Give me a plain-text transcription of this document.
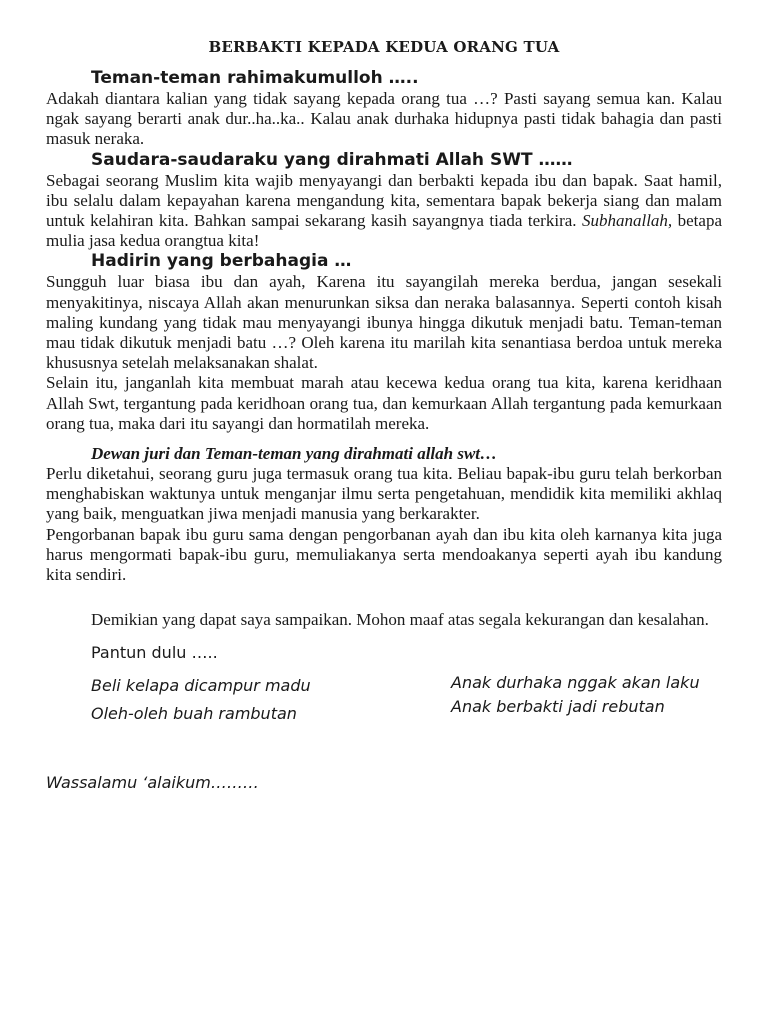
BERBAKTI KEPADA KEDUA ORANG TUA
Teman-teman rahimakumulloh …..

Adakah diantara kalian yang tidak sayang kepada orang tua …? Pasti sayang semua kan. Kalau ngak sayang berarti anak dur..ha..ka.. Kalau anak durhaka hidupnya pasti tidak bahagia dan pasti masuk neraka.

Saudara-saudaraku yang dirahmati Allah SWT ……

Sebagai seorang Muslim kita wajib menyayangi dan berbakti kepada ibu dan bapak. Saat hamil, ibu selalu dalam kepayahan karena mengandung kita, sementara bapak bekerja siang dan malam untuk kelahiran kita. Bahkan sampai sekarang kasih sayangnya tiada terkira. Subhanallah, betapa mulia jasa kedua orangtua kita!

Hadirin yang berbahagia …

Sungguh luar biasa ibu dan ayah, Karena itu sayangilah mereka berdua, jangan sesekali menyakitinya, niscaya Allah akan menurunkan siksa dan neraka balasannya. Seperti contoh kisah maling kundang yang tidak mau menyayangi ibunya hingga dikutuk menjadi batu. Teman-teman mau tidak dikutuk menjadi batu …? Oleh karena itu marilah kita senantiasa berdoa untuk mereka khususnya setelah melaksanakan shalat.

Selain itu, janganlah kita membuat marah atau kecewa kedua orang tua kita, karena keridhaan Allah Swt, tergantung pada keridhoan orang tua, dan kemurkaan Allah tergantung pada kemurkaan orang tua, maka dari itu sayangi dan hormatilah mereka.

Dewan juri dan Teman-teman yang dirahmati allah swt…

Perlu diketahui, seorang guru juga termasuk orang tua kita. Beliau bapak-ibu guru telah berkorban menghabiskan waktunya untuk menganjar ilmu serta pengetahuan, mendidik kita memiliki akhlaq yang baik, menguatkan jiwa menjadi manusia yang berkarakter.

Pengorbanan bapak ibu guru sama dengan pengorbanan ayah dan ibu kita oleh karnanya kita juga harus mengormati bapak-ibu guru, memuliakanya serta mendoakanya seperti ayah ibu kandung kita sendiri.

Demikian yang dapat saya sampaikan. Mohon maaf atas segala kekurangan dan kesalahan.

Pantun dulu …..

Beli kelapa dicampur madu

Oleh-oleh buah rambutan

Anak durhaka nggak akan laku

Anak berbakti jadi rebutan

Wassalamu ‘alaikum………
